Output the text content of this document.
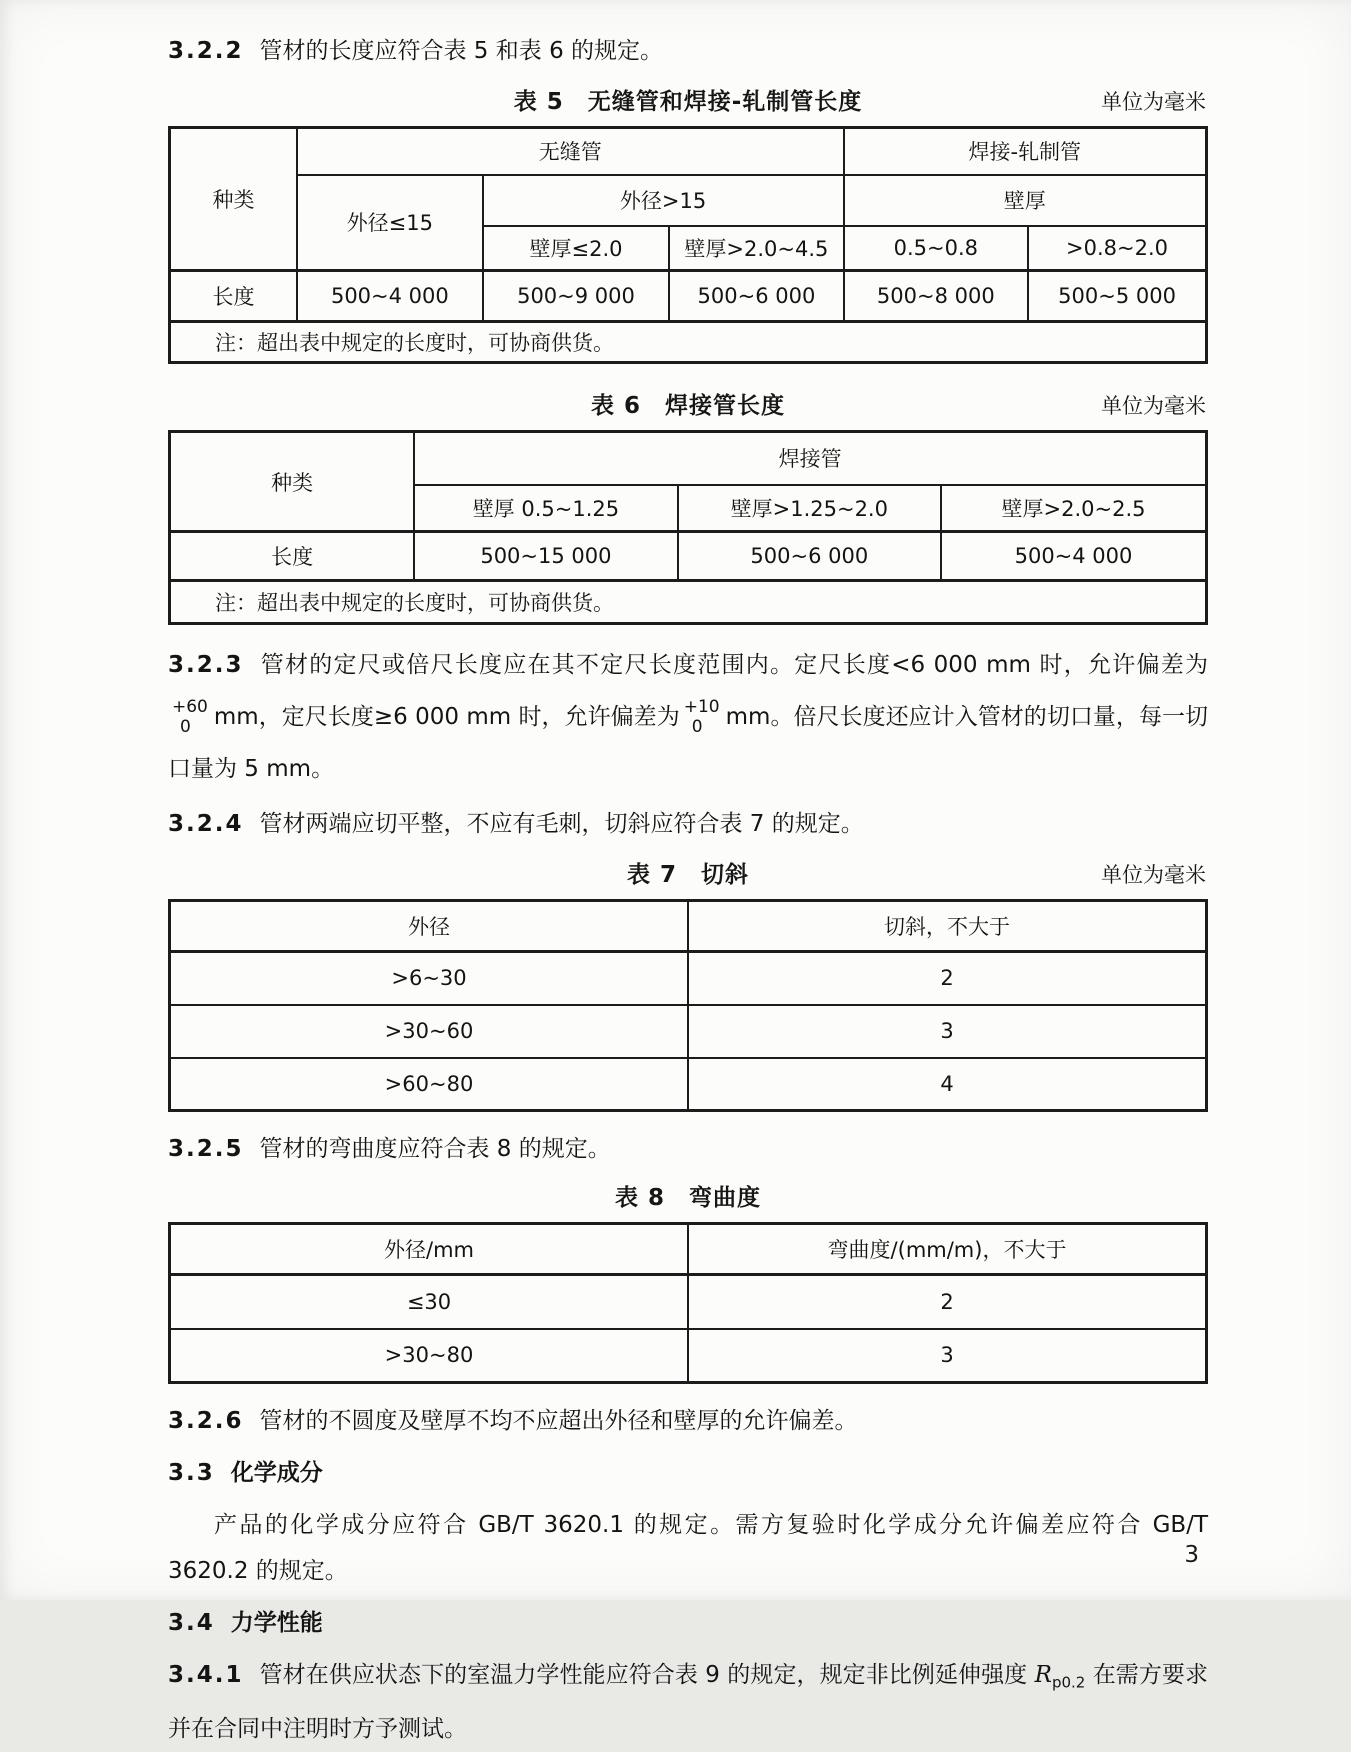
3.2.2 管材的长度应符合表 5 和表 6 的规定。

表 5　无缝管和焊接-轧制管长度	单位为毫米
种类	无缝管			焊接-轧制管	
	外径≤15	外径>15		壁厚	
		壁厚≤2.0	壁厚>2.0~4.5	0.5~0.8	>0.8~2.0
长度	500~4 000	500~9 000	500~6 000	500~8 000	500~5 000
注：超出表中规定的长度时，可协商供货。					
表 6　焊接管长度	单位为毫米
种类	焊接管		
	壁厚 0.5~1.25	壁厚>1.25~2.0	壁厚>2.0~2.5
长度	500~15 000	500~6 000	500~4 000
注：超出表中规定的长度时，可协商供货。			

3.2.3 管材的定尺或倍尺长度应在其不定尺长度范围内。定尺长度<6 000 mm 时，允许偏差为
+60
0	mm，定尺长度≥6 000 mm 时，允许偏差为 +10
0	mm。倍尺长度还应计入管材的切口量，每一切口量为 5 mm。

3.2.4 管材两端应切平整，不应有毛刺，切斜应符合表 7 的规定。

表 7　切斜	单位为毫米
外径	切斜，不大于
>6~30	2
>30~60	3
>60~80	4

3.2.5 管材的弯曲度应符合表 8 的规定。

表 8　弯曲度
外径/mm	弯曲度/(mm/m)，不大于
≤30	2
>30~80	3

3.2.6 管材的不圆度及壁厚不均不应超出外径和壁厚的允许偏差。

3.3 化学成分

产品的化学成分应符合 GB/T 3620.1 的规定。需方复验时化学成分允许偏差应符合 GB/T 3620.2 的规定。

3.4 力学性能

3.4.1 管材在供应状态下的室温力学性能应符合表 9 的规定，规定非比例延伸强度 $R_{p0.2}$ 在需方要求并在合同中注明时方予测试。

3
